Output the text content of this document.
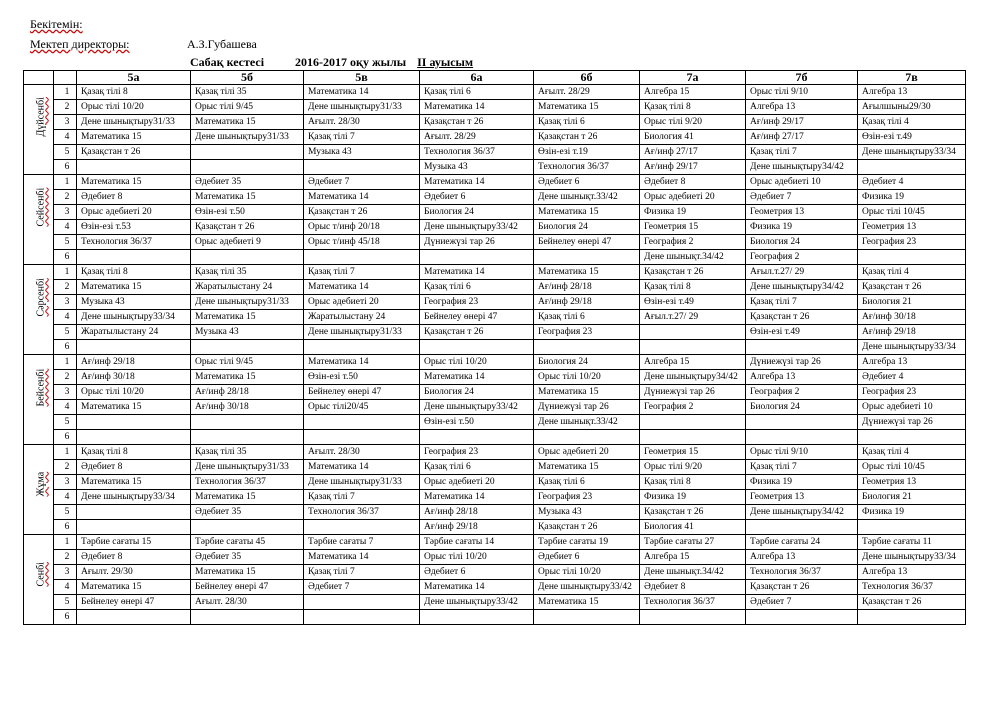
Бекітемін:
Мектеп директоры:	А.З.Губашева
Сабақ кестесі	2016-2017 оқу жылы ІІ ауысым
		5а	5б	5в	6а	6б	7а	7б	7в

Дүйсенбі	1	Қазақ тілі 8	Қазақ тілі 35	Математика 14	Қазақ тілі 6	Ағылт. 28/29	Алгебра 15	Орыс тілі 9/10	Алгебра 13
	2	Орыс тілі 10/20	Орыс тілі 9/45	Дене шынықтыру31/33	Математика 14	Математика 15	Қазақ тілі 8	Алгебра 13	Ағылшыны29/30
	3	Дене шынықтыру31/33	Математика 15	Ағылт. 28/30	Қазақстан т 26	Қазақ тілі 6	Орыс тілі 9/20	Ағ/инф 29/17	Қазақ тілі 4
	4	Математика 15	Дене шынықтыру31/33	Қазақ тілі 7	Ағылт. 28/29	Қазақстан т 26	Биология 41	Ағ/инф 27/17	Өзін-езі т.49
	5	Қазақстан т 26		Музыка 43	Технология 36/37	Өзін-езі т.19	Ағ/инф 27/17	Қазақ тілі 7	Дене шынықтыру33/34
	6				Музыка 43	Технология 36/37	Ағ/инф 29/17	Дене шынықтыру34/42	

Сейсенбі	1	Математика 15	Әдебиет 35	Әдебиет 7	Математика 14	Әдебиет 6	Әдебиет 8	Орыс әдебиеті 10	Әдебиет 4
	2	Әдебиет 8	Математика 15	Математика 14	Әдебиет 6	Дене шынықт.33/42	Орыс әдебиеті 20	Әдебиет 7	Физика 19
	3	Орыс әдебиеті 20	Өзін-езі т.50	Қазақстан т 26	Биология 24	Математика 15	Физика 19	Геометрия 13	Орыс тілі 10/45
	4	Өзін-езі т.53	Қазақстан т 26	Орыс т/инф 20/18	Дене шынықтыру33/42	Биология 24	Геометрия 15	Физика 19	Геометрия 13
	5	Технология 36/37	Орыс әдебиеті 9	Орыс т/инф 45/18	Дүниежүзі тар 26	Бейнелеу өнері 47	География 2	Биология 24	География 23
	6						Дене шынықт.34/42	География 2	

Сәрсенбі	1	Қазақ тілі 8	Қазақ тілі 35	Қазақ тілі 7	Математика 14	Математика 15	Қазақстан т 26	Ағыл.т.27/ 29	Қазақ тілі 4
	2	Математика 15	Жаратылыстану 24	Математика 14	Қазақ тілі 6	Ағ/инф 28/18	Қазақ тілі 8	Дене шынықтыру34/42	Қазақстан т 26
	3	Музыка 43	Дене шынықтыру31/33	Орыс әдебиеті 20	География 23	Ағ/инф 29/18	Өзін-езі т.49	Қазақ тілі 7	Биология 21
	4	Дене шынықтыру33/34	Математика 15	Жаратылыстану 24	Бейнелеу өнері 47	Қазақ тілі 6	Ағыл.т.27/ 29	Қазақстан т 26	Ағ/инф 30/18
	5	Жаратылыстану 24	Музыка 43	Дене шынықтыру31/33	Қазақстан т 26	География 23		Өзін-езі т.49	Ағ/инф 29/18
	6								Дене шынықтыру33/34

Бейсенбі	1	Ағ/инф 29/18	Орыс тілі 9/45	Математика 14	Орыс тілі 10/20	Биология 24	Алгебра 15	Дүниежүзі тар 26	Алгебра 13
	2	Ағ/инф 30/18	Математика 15	Өзін-езі т.50	Математика 14	Орыс тілі 10/20	Дене шынықтыру34/42	Алгебра 13	Әдебиет 4
	3	Орыс тілі 10/20	Ағ/инф 28/18	Бейнелеу өнері 47	Биология 24	Математика 15	Дүниежүзі тар 26	География 2	География 23
	4	Математика 15	Ағ/инф 30/18	Орыс тілі20/45	Дене шынықтыру33/42	Дүниежүзі тар 26	География 2	Биология 24	Орыс әдебиеті 10
	5				Өзін-езі т.50	Дене шынықт.33/42			Дүниежүзі тар 26
	6								

Жұма	1	Қазақ тілі 8	Қазақ тілі 35	Ағылт. 28/30	География 23	Орыс әдебиеті 20	Геометрия 15	Орыс тілі 9/10	Қазақ тілі 4
	2	Әдебиет 8	Дене шынықтыру31/33	Математика 14	Қазақ тілі 6	Математика 15	Орыс тілі 9/20	Қазақ тілі 7	Орыс тілі 10/45
	3	Математика 15	Технология 36/37	Дене шынықтыру31/33	Орыс әдебиеті 20	Қазақ тілі 6	Қазақ тілі 8	Физика 19	Геометрия 13
	4	Дене шынықтыру33/34	Математика 15	Қазақ тілі 7	Математика 14	География 23	Физика 19	Геометрия 13	Биология 21
	5		Әдебиет 35	Технология 36/37	Ағ/инф 28/18	Музыка 43	Қазақстан т 26	Дене шынықтыру34/42	Физика 19
	6				Ағ/инф 29/18	Қазақстан т 26	Биология 41		

Сенбі	1	Тәрбие сағаты 15	Тәрбие сағаты 45	Тәрбие сағаты 7	Тәрбие сағаты 14	Тәрбие сағаты 19	Тәрбие сағаты 27	Тәрбие сағаты 24	Тәрбие сағаты 11
	2	Әдебиет 8	Әдебиет 35	Математика 14	Орыс тілі 10/20	Әдебиет 6	Алгебра 15	Алгебра 13	Дене шынықтыру33/34
	3	Ағылт. 29/30	Математика 15	Қазақ тілі 7	Әдебиет 6	Орыс тілі 10/20	Дене шынықт.34/42	Технология 36/37	Алгебра 13
	4	Математика 15	Бейнелеу өнері 47	Әдебиет 7	Математика 14	Дене шынықтыру33/42	Әдебиет 8	Қазақстан т 26	Технология 36/37
	5	Бейнелеу өнері 47	Ағылт. 28/30		Дене шынықтыру33/42	Математика 15	Технология 36/37	Әдебиет 7	Қазақстан т 26
	6								
